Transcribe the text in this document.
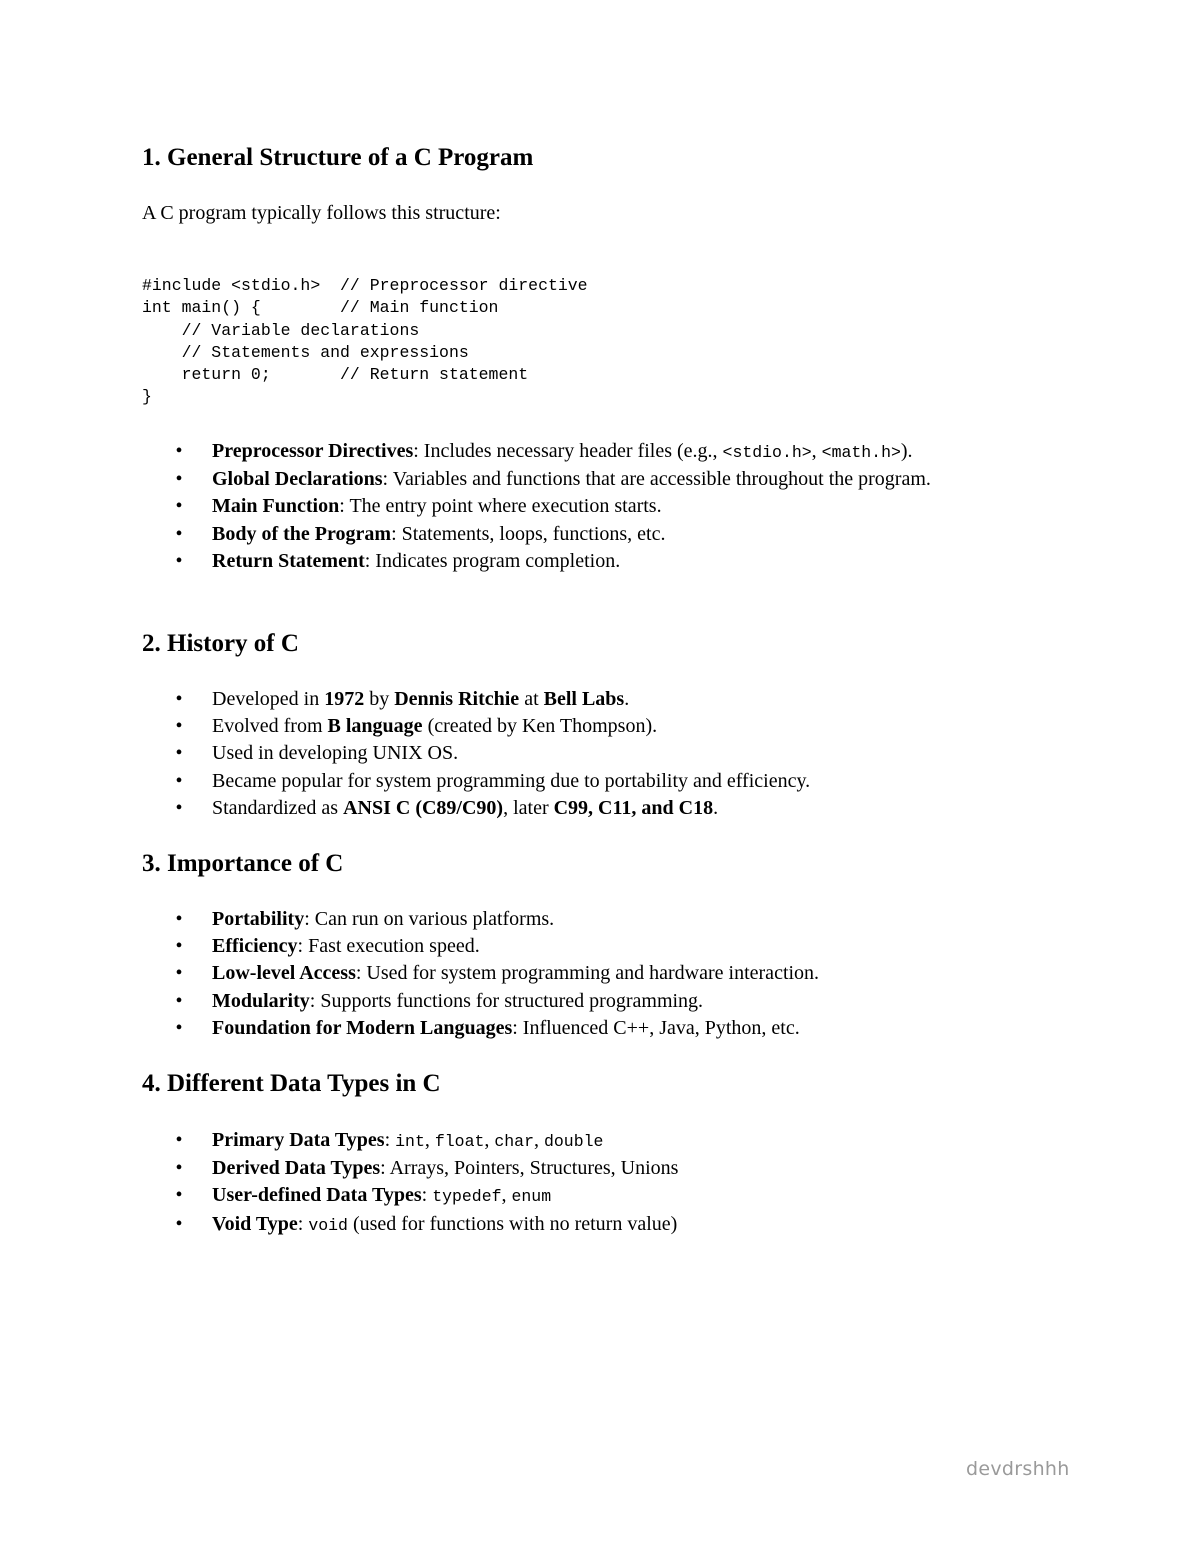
1. General Structure of a C Program

A C program typically follows this structure:

#include <stdio.h>  // Preprocessor directive
int main() {        // Main function
// Variable declarations
// Statements and expressions
return 0;       // Return statement
}
• Preprocessor Directives: Includes necessary header files (e.g., <stdio.h>, <math.h>).
• Global Declarations: Variables and functions that are accessible throughout the program.
• Main Function: The entry point where execution starts.
• Body of the Program: Statements, loops, functions, etc.
• Return Statement: Indicates program completion.
2. History of C
• Developed in 1972 by Dennis Ritchie at Bell Labs.
• Evolved from B language (created by Ken Thompson).
• Used in developing UNIX OS.
• Became popular for system programming due to portability and efficiency.
• Standardized as ANSI C (C89/C90), later C99, C11, and C18.
3. Importance of C
• Portability: Can run on various platforms.
• Efficiency: Fast execution speed.
• Low-level Access: Used for system programming and hardware interaction.
• Modularity: Supports functions for structured programming.
• Foundation for Modern Languages: Influenced C++, Java, Python, etc.
4. Different Data Types in C
• Primary Data Types: int, float, char, double
• Derived Data Types: Arrays, Pointers, Structures, Unions
• User-defined Data Types: typedef, enum
• Void Type: void (used for functions with no return value)
devdrshhh
